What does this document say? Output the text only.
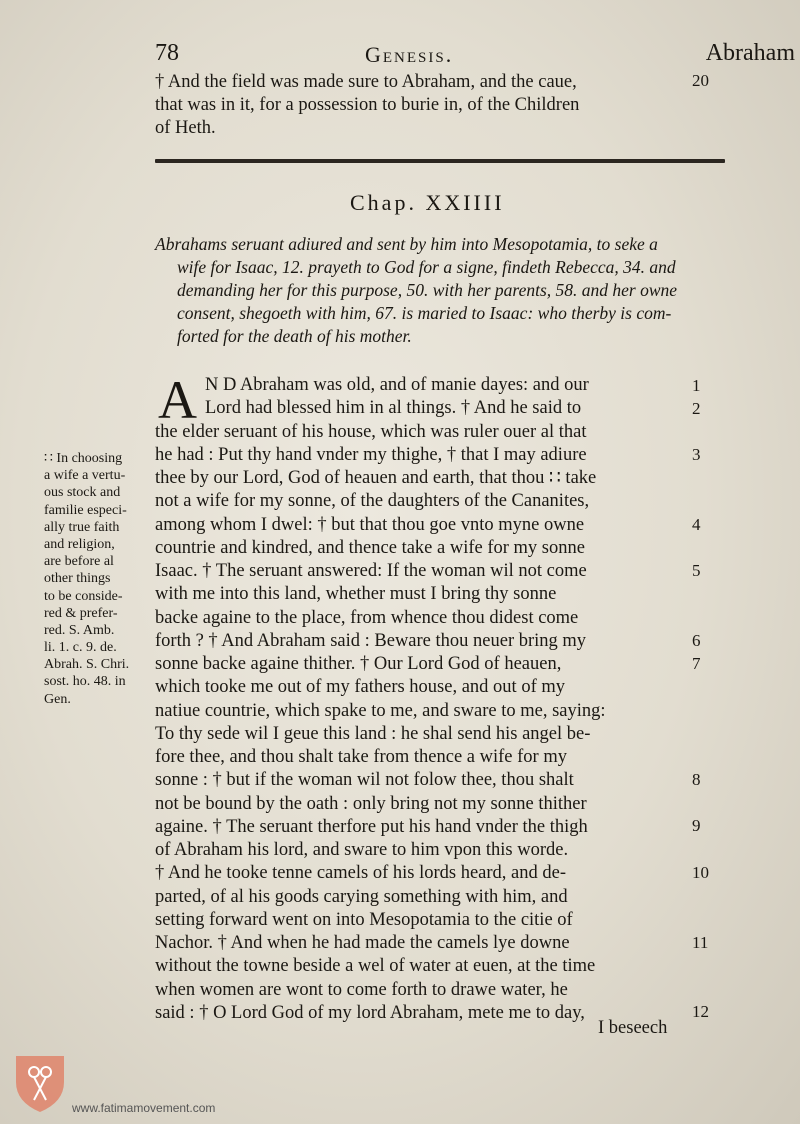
78	Genesis.	Abraham
† And the field was made sure to Abraham, and the caue,
that was in it, for a possession to burie in, of the Children
of Heth.
20
Chap. XXIIII
Abrahams seruant adiured and sent by him into Mesopotamia, to seke a
wife for Isaac, 12. prayeth to God for a signe, findeth Rebecca, 34. and
demanding her for this purpose, 50. with her parents, 58. and her owne
consent, shegoeth with him, 67. is maried to Isaac: who therby is com-
forted for the death of his mother.
A N D Abraham was old, and of manie dayes: and our
Lord had blessed him in al things. † And he said to
the elder seruant of his house, which was ruler ouer al that
he had : Put thy hand vnder my thighe, † that I may adiure
thee by our Lord, God of heauen and earth, that thou ∷ take
not a wife for my sonne, of the daughters of the Cananites,
among whom I dwel: † but that thou goe vnto myne owne
countrie and kindred, and thence take a wife for my sonne
Isaac. † The seruant answered: If the woman wil not come
with me into this land, whether must I bring thy sonne
backe againe to the place, from whence thou didest come
forth ? † And Abraham said : Beware thou neuer bring my
sonne backe againe thither. † Our Lord God of heauen,
which tooke me out of my fathers house, and out of my
natiue countrie, which spake to me, and sware to me, saying:
To thy sede wil I geue this land : he shal send his angel be-
fore thee, and thou shalt take from thence a wife for my
sonne : † but if the woman wil not folow thee, thou shalt
not be bound by the oath : only bring not my sonne thither
againe. † The seruant therfore put his hand vnder the thigh
of Abraham his lord, and sware to him vpon this worde.
† And he tooke tenne camels of his lords heard, and de-
parted, of al his goods carying something with him, and
setting forward went on into Mesopotamia to the citie of
Nachor. † And when he had made the camels lye downe
without the towne beside a wel of water at euen, at the time
when women are wont to come forth to drawe water, he
said : † O Lord God of my lord Abraham, mete me to day,
1
2
3
4
5
6
7
8
9
10
11
12
∷ In choosing
a wife a vertu-
ous stock and
familie especi-
ally true faith
and religion,
are before al
other things
to be conside-
red & prefer-
red. S. Amb.
li. 1. c. 9. de.
Abrah. S. Chri.
sost. ho. 48. in
Gen.
I beseech
www.fatimamovement.com
